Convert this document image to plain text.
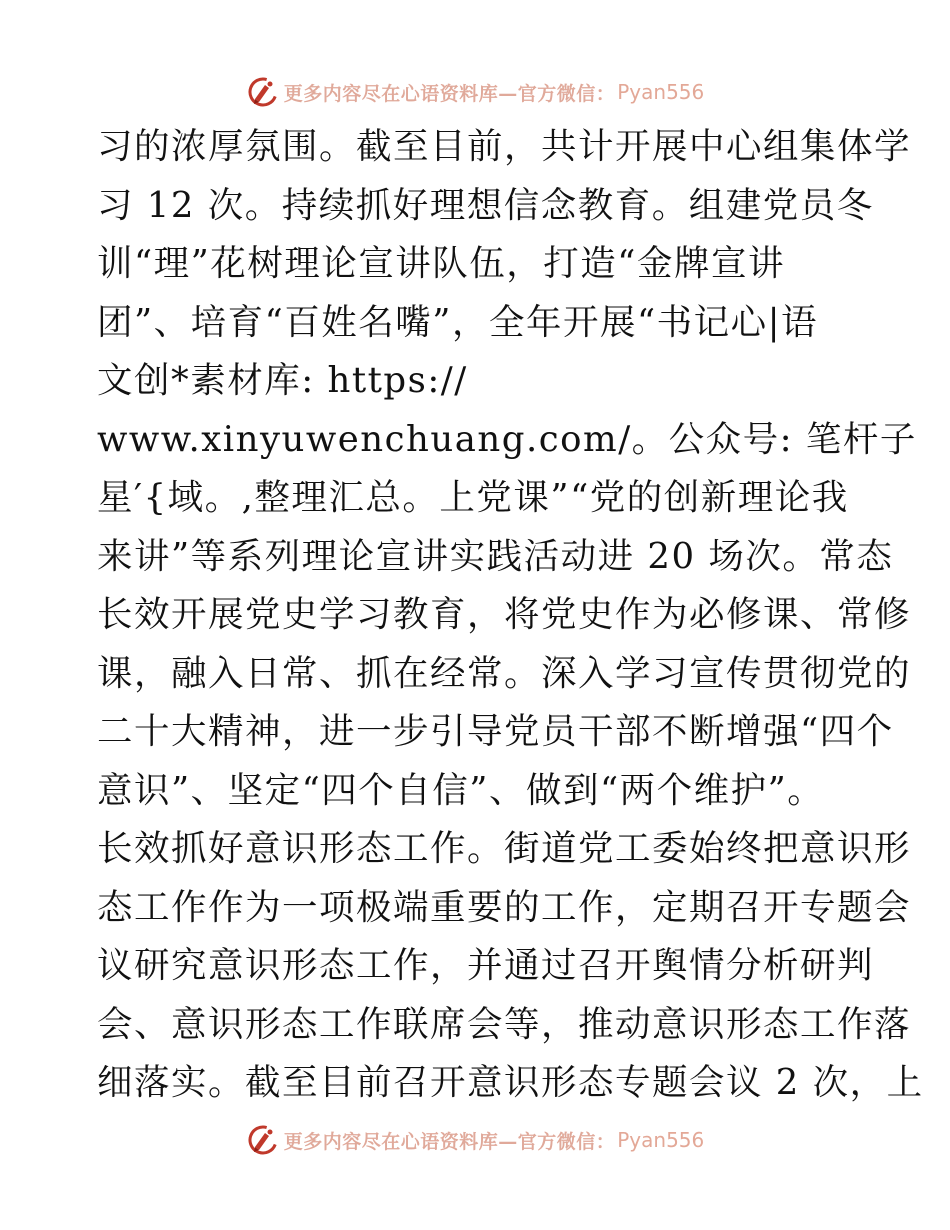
更多内容尽在心语资料库—官方微信： Pyan556
习的浓厚氛围。截至目前，共计开展中心组集体学
习 12 次。持续抓好理想信念教育。组建党员冬
训“理”花树理论宣讲队伍，打造“金牌宣讲
团”、培育“百姓名嘴”，全年开展“书记心|语
文创*素材库: https://
www.xinyuwenchuang.com/。公众号: 笔杆子
星′{域。,整理汇总。上党课”“党的创新理论我
来讲”等系列理论宣讲实践活动进 20 场次。常态
长效开展党史学习教育，将党史作为必修课、常修
课，融入日常、抓在经常。深入学习宣传贯彻党的
二十大精神，进一步引导党员干部不断增强“四个
意识”、坚定“四个自信”、做到“两个维护”。
长效抓好意识形态工作。街道党工委始终把意识形
态工作作为一项极端重要的工作，定期召开专题会
议研究意识形态工作，并通过召开舆情分析研判
会、意识形态工作联席会等，推动意识形态工作落
细落实。截至目前召开意识形态专题会议 2 次，上
更多内容尽在心语资料库—官方微信： Pyan556
